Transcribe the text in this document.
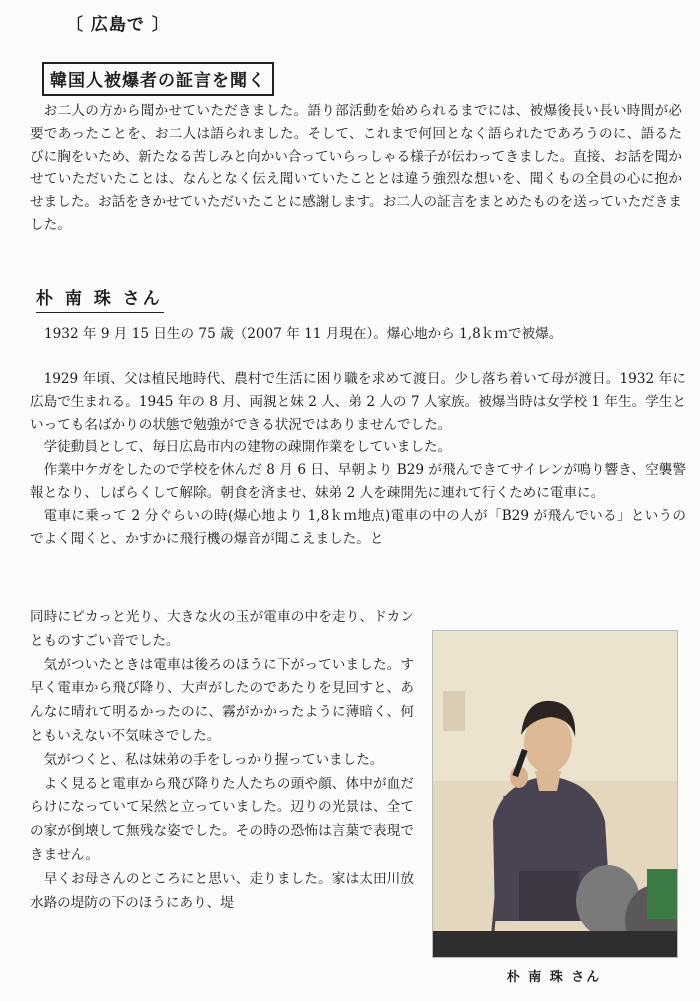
〔 広島で 〕
韓国人被爆者の証言を聞く

お二人の方から聞かせていただきました。語り部活動を始められるまでには、被爆後長い長い時間が必要であったことを、お二人は語られました。そして、これまで何回となく語られたであろうのに、語るたびに胸をいため、新たなる苦しみと向かい合っていらっしゃる様子が伝わってきました。直接、お話を聞かせていただいたことは、なんとなく伝え聞いていたこととは違う強烈な想いを、聞くもの全員の心に抱かせました。お話をきかせていただいたことに感謝します。お二人の証言をまとめたものを送っていただきました。

朴 南 珠 さん
1932 年 9 月 15 日生の 75 歳（2007 年 11 月現在）。爆心地から 1,8ｋｍで被爆。

1929 年頃、父は植民地時代、農村で生活に困り職を求めて渡日。少し落ち着いて母が渡日。1932 年に広島で生まれる。1945 年の 8 月、両親と妹 2 人、弟 2 人の 7 人家族。被爆当時は女学校 1 年生。学生といっても名ばかりの状態で勉強ができる状況ではありませんでした。

学徒動員として、毎日広島市内の建物の疎開作業をしていました。

作業中ケガをしたので学校を休んだ 8 月 6 日、早朝より B29 が飛んできてサイレンが鳴り響き、空襲警報となり、しばらくして解除。朝食を済ませ、妹弟 2 人を疎開先に連れて行くために電車に。

電車に乗って 2 分ぐらいの時(爆心地より 1,8ｋｍ地点)電車の中の人が「B29 が飛んでいる」というのでよく聞くと、かすかに飛行機の爆音が聞こえました。と

同時にピカっと光り、大きな火の玉が電車の中を走り、ドカンとものすごい音でした。

気がついたときは電車は後ろのほうに下がっていました。す早く電車から飛び降り、大声がしたのであたりを見回すと、あんなに晴れて明るかったのに、霧がかかったように薄暗く、何ともいえない不気味さでした。

気がつくと、私は妹弟の手をしっかり握っていました。

よく見ると電車から飛び降りた人たちの頭や顔、体中が血だらけになっていて呆然と立っていました。辺りの光景は、全ての家が倒壊して無残な姿でした。その時の恐怖は言葉で表現できません。

早くお母さんのところにと思い、走りました。家は太田川放水路の堤防の下のほうにあり、堤

朴 南 珠 さん
